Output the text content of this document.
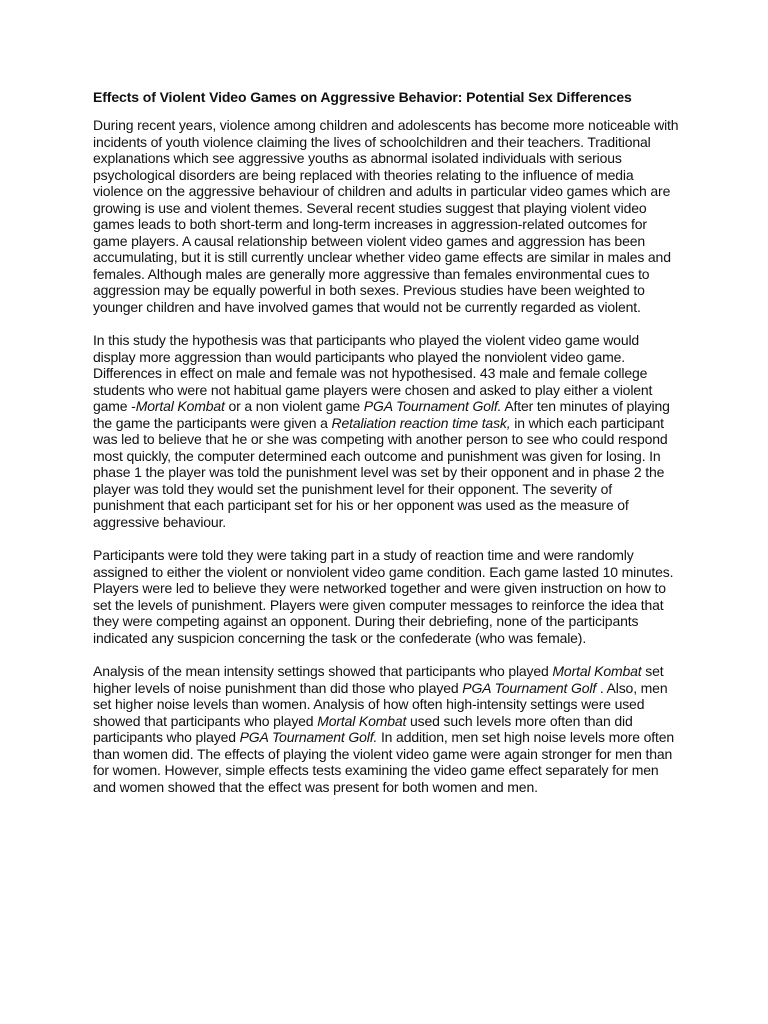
Effects of Violent Video Games on Aggressive Behavior: Potential Sex Differences
During recent years, violence among children and adolescents has become more noticeable with incidents of youth violence claiming the lives of schoolchildren and their teachers. Traditional explanations which see aggressive youths as abnormal isolated individuals with serious psychological disorders are being replaced with theories relating to the influence of media violence on the aggressive behaviour of children and adults in particular video games which are growing is use and violent themes. Several recent studies suggest that playing violent video games leads to both short-term and long-term increases in aggression-related outcomes for game players. A causal relationship between violent video games and aggression has been accumulating, but it is still currently unclear whether video game effects are similar in males and females. Although males are generally more aggressive than females environmental cues to aggression may be equally powerful in both sexes. Previous studies have been weighted to younger children and have involved games that would not be currently regarded as violent.
In this study the hypothesis was that participants who played the violent video game would display more aggression than would participants who played the nonviolent video game. Differences in effect on male and female was not hypothesised. 43 male and female college students who were not habitual game players were chosen and asked to play either a violent game -Mortal Kombat or a non violent game PGA Tournament Golf. After ten minutes of playing the game the participants were given a Retaliation reaction time task, in which each participant was led to believe that he or she was competing with another person to see who could respond most quickly, the computer determined each outcome and punishment was given for losing. In phase 1 the player was told the punishment level was set by their opponent and in phase 2 the player was told they would set the punishment level for their opponent. The severity of punishment that each participant set for his or her opponent was used as the measure of aggressive behaviour.
Participants were told they were taking part in a study of reaction time and were randomly assigned to either the violent or nonviolent video game condition. Each game lasted 10 minutes. Players were led to believe they were networked together and were given instruction on how to set the levels of punishment. Players were given computer messages to reinforce the idea that they were competing against an opponent. During their debriefing, none of the participants indicated any suspicion concerning the task or the confederate (who was female).
Analysis of the mean intensity settings showed that participants who played Mortal Kombat set higher levels of noise punishment than did those who played PGA Tournament Golf . Also, men set higher noise levels than women. Analysis of how often high-intensity settings were used showed that participants who played Mortal Kombat used such levels more often than did participants who played PGA Tournament Golf. In addition, men set high noise levels more often than women did. The effects of playing the violent video game were again stronger for men than for women. However, simple effects tests examining the video game effect separately for men and women showed that the effect was present for both women and men.
